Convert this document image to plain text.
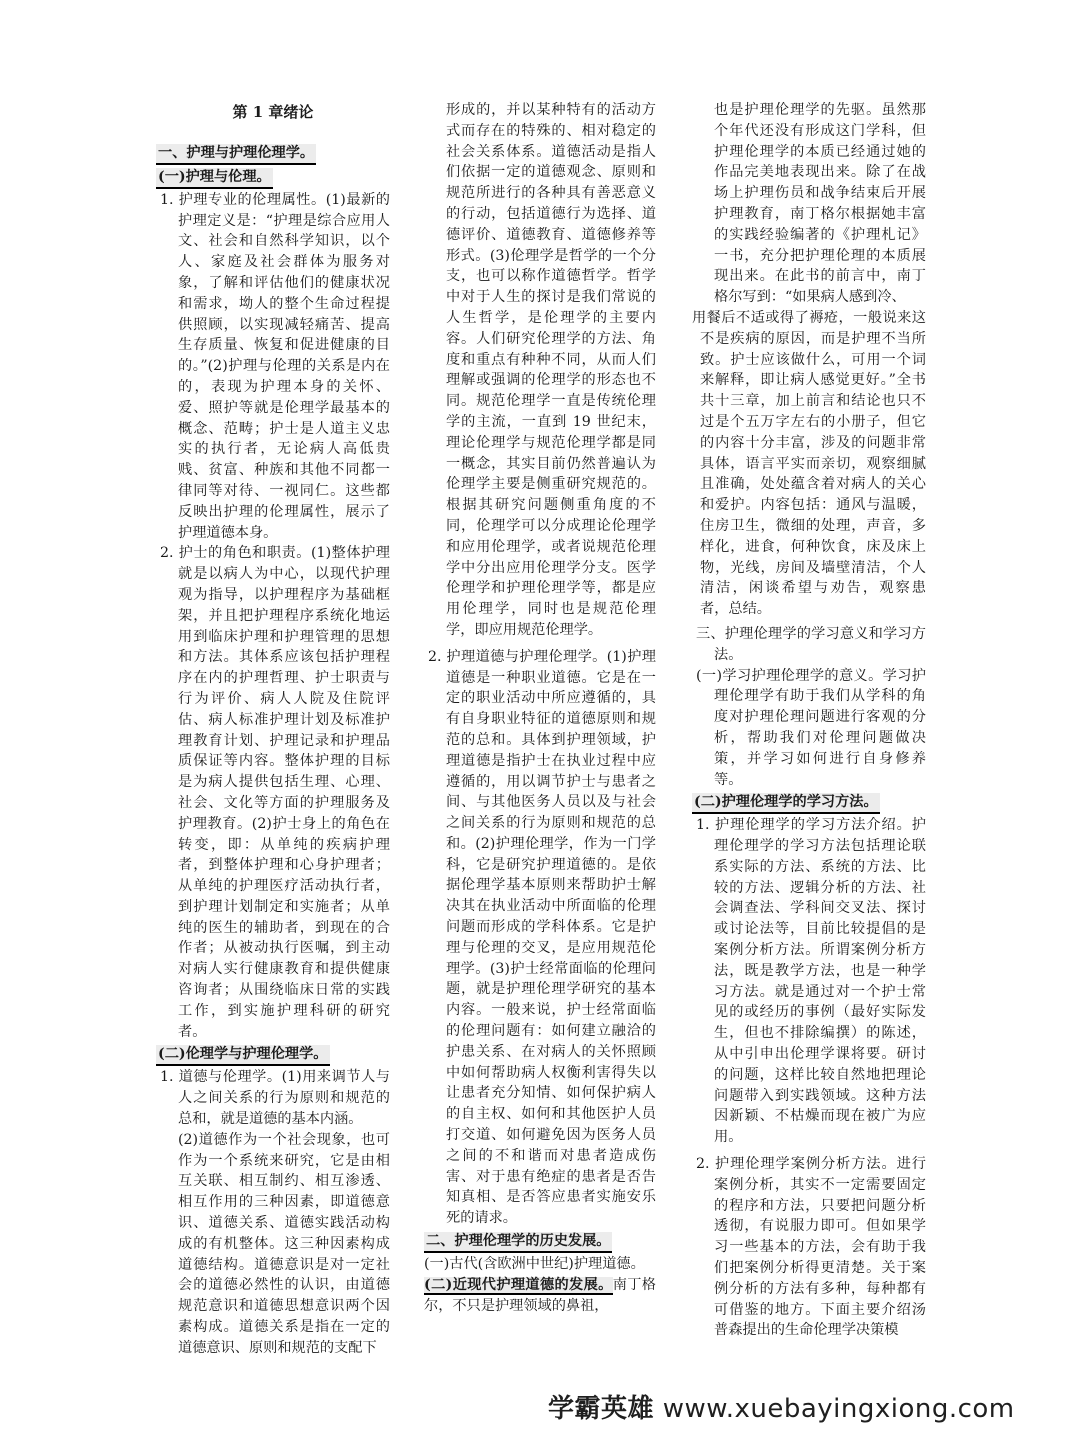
第 1 章绪论
一、护理与护理伦理学。
(一)护理与伦理。

1. 护理专业的伦理属性。(1)最新的护理定义是：“护理是综合应用人文、社会和自然科学知识，以个人、家庭及社会群体为服务对象，了解和评估他们的健康状况和需求，坳人的整个生命过程提供照顾，以实现减轻痛苦、提高生存质量、恢复和促进健康的目的。”(2)护理与伦理的关系是内在的，表现为护理本身的关怀、爱、照护等就是伦理学最基本的概念、范畴；护士是人道主义忠实的执行者，无论病人高低贵贱、贫富、种族和其他不同都一律同等对待、一视同仁。这些都反映出护理的伦理属性，展示了护理道德本身。

2. 护士的角色和职责。(1)整体护理就是以病人为中心，以现代护理观为指导，以护理程序为基础框架，并且把护理程序系统化地运用到临床护理和护理管理的思想和方法。其体系应该包括护理程序在内的护理哲理、护士职责与行为评价、病人人院及住院评估、病人标准护理计划及标准护理教育计划、护理记录和护理品质保证等内容。整体护理的目标是为病人提供包括生理、心理、社会、文化等方面的护理服务及护理教育。(2)护士身上的角色在转变，即：从单纯的疾病护理者，到整体护理和心身护理者；从单纯的护理医疗活动执行者，到护理计划制定和实施者；从单纯的医生的辅助者，到现在的合作者；从被动执行医嘱，到主动对病人实行健康教育和提供健康咨询者；从围绕临床日常的实践工作，到实施护理科研的研究者。

(二)伦理学与护理伦理学。

1. 道德与伦理学。(1)用来调节人与人之间关系的行为原则和规范的总和，就是道德的基本内涵。

(2)道德作为一个社会现象，也可作为一个系统来研究，它是由相互关联、相互制约、相互渗透、相互作用的三种因素，即道德意识、道德关系、道德实践活动构成的有机整体。这三种因素构成道德结构。道德意识是对一定社会的道德必然性的认识，由道德规范意识和道德思想意识两个因素构成。道德关系是指在一定的道德意识、原则和规范的支配下

形成的，并以某种特有的活动方式而存在的特殊的、相对稳定的社会关系体系。道德活动是指人们依据一定的道德观念、原则和规范所进行的各种具有善恶意义的行动，包括道德行为选择、道德评价、道德教育、道德修养等形式。(3)伦理学是哲学的一个分支，也可以称作道德哲学。哲学中对于人生的探讨是我们常说的人生哲学，是伦理学的主要内容。人们研究伦理学的方法、角度和重点有种种不同，从而人们理解或强调的伦理学的形态也不同。规范伦理学一直是传统伦理学的主流，一直到 19 世纪末，理论伦理学与规范伦理学都是同一概念，其实目前仍然普遍认为伦理学主要是侧重研究规范的。根据其研究问题侧重角度的不同，伦理学可以分成理论伦理学和应用伦理学，或者说规范伦理学中分出应用伦理学分支。医学伦理学和护理伦理学等，都是应用伦理学，同时也是规范伦理学，即应用规范伦理学。

2. 护理道德与护理伦理学。(1)护理道德是一种职业道德。它是在一定的职业活动中所应遵循的，具有自身职业特征的道德原则和规范的总和。具体到护理领域，护理道德是指护士在执业过程中应遵循的，用以调节护士与患者之间、与其他医务人员以及与社会之间关系的行为原则和规范的总和。(2)护理伦理学，作为一门学科，它是研究护理道德的。是依据伦理学基本原则来帮助护士解决其在执业活动中所面临的伦理问题而形成的学科体系。它是护理与伦理的交叉，是应用规范伦理学。(3)护士经常面临的伦理问题，就是护理伦理学研究的基本内容。一般来说，护士经常面临的伦理问题有：如何建立融洽的护患关系、在对病人的关怀照顾中如何帮助病人权衡利害得失以让患者充分知情、如何保护病人的自主权、如何和其他医护人员打交道、如何避免因为医务人员之间的不和谐而对患者造成伤害、对于患有绝症的患者是否告知真相、是否答应患者实施安乐死的请求。

二、护理伦理学的历史发展。

(一)古代(含欧洲中世纪)护理道德。

(二)近现代护理道德的发展。南丁格尔，不只是护理领域的鼻祖，

也是护理伦理学的先驱。虽然那个年代还没有形成这门学科，但护理伦理学的本质已经通过她的作品完美地表现出来。除了在战场上护理伤员和战争结束后开展护理教育，南丁格尔根据她丰富的实践经验编著的《护理札记》一书，充分把护理伦理的本质展现出来。在此书的前言中，南丁格尔写到：“如果病人感到冷、

用餐后不适或得了褥疮，一般说来这不是疾病的原因，而是护理不当所致。护士应该做什么，可用一个词来解释，即让病人感觉更好。”全书共十三章，加上前言和结论也只不过是个五万字左右的小册子，但它的内容十分丰富，涉及的问题非常具体，语言平实而亲切，观察细腻且准确，处处蕴含着对病人的关心和爱护。内容包括：通风与温暖，住房卫生，微细的处理，声音，多样化，进食，何种饮食，床及床上物，光线，房间及墙壁清洁，个人清洁，闲谈希望与劝告，观察患者，总结。

三、护理伦理学的学习意义和学习方法。

(一)学习护理伦理学的意义。学习护理伦理学有助于我们从学科的角度对护理伦理问题进行客观的分析，帮助我们对伦理问题做决策，并学习如何进行自身修养等。

(二)护理伦理学的学习方法。

1. 护理伦理学的学习方法介绍。护理伦理学的学习方法包括理论联系实际的方法、系统的方法、比较的方法、逻辑分析的方法、社会调查法、学科间交叉法、探讨或讨论法等，目前比较提倡的是案例分析方法。所谓案例分析方法，既是教学方法，也是一种学习方法。就是通过对一个护士常见的或经历的事例（最好实际发生，但也不排除编撰）的陈述，从中引申出伦理学课将要。研讨的问题，这样比较自然地把理论问题带入到实践领域。这种方法因新颖、不枯燥而现在被广为应用。

2. 护理伦理学案例分析方法。进行案例分析，其实不一定需要固定的程序和方法，只要把问题分析透彻，有说服力即可。但如果学习一些基本的方法，会有助于我们把案例分析得更清楚。关于案例分析的方法有多种，每种都有可借鉴的地方。下面主要介绍汤普森提出的生命伦理学决策模

学霸英雄 www.xuebayingxiong.com
